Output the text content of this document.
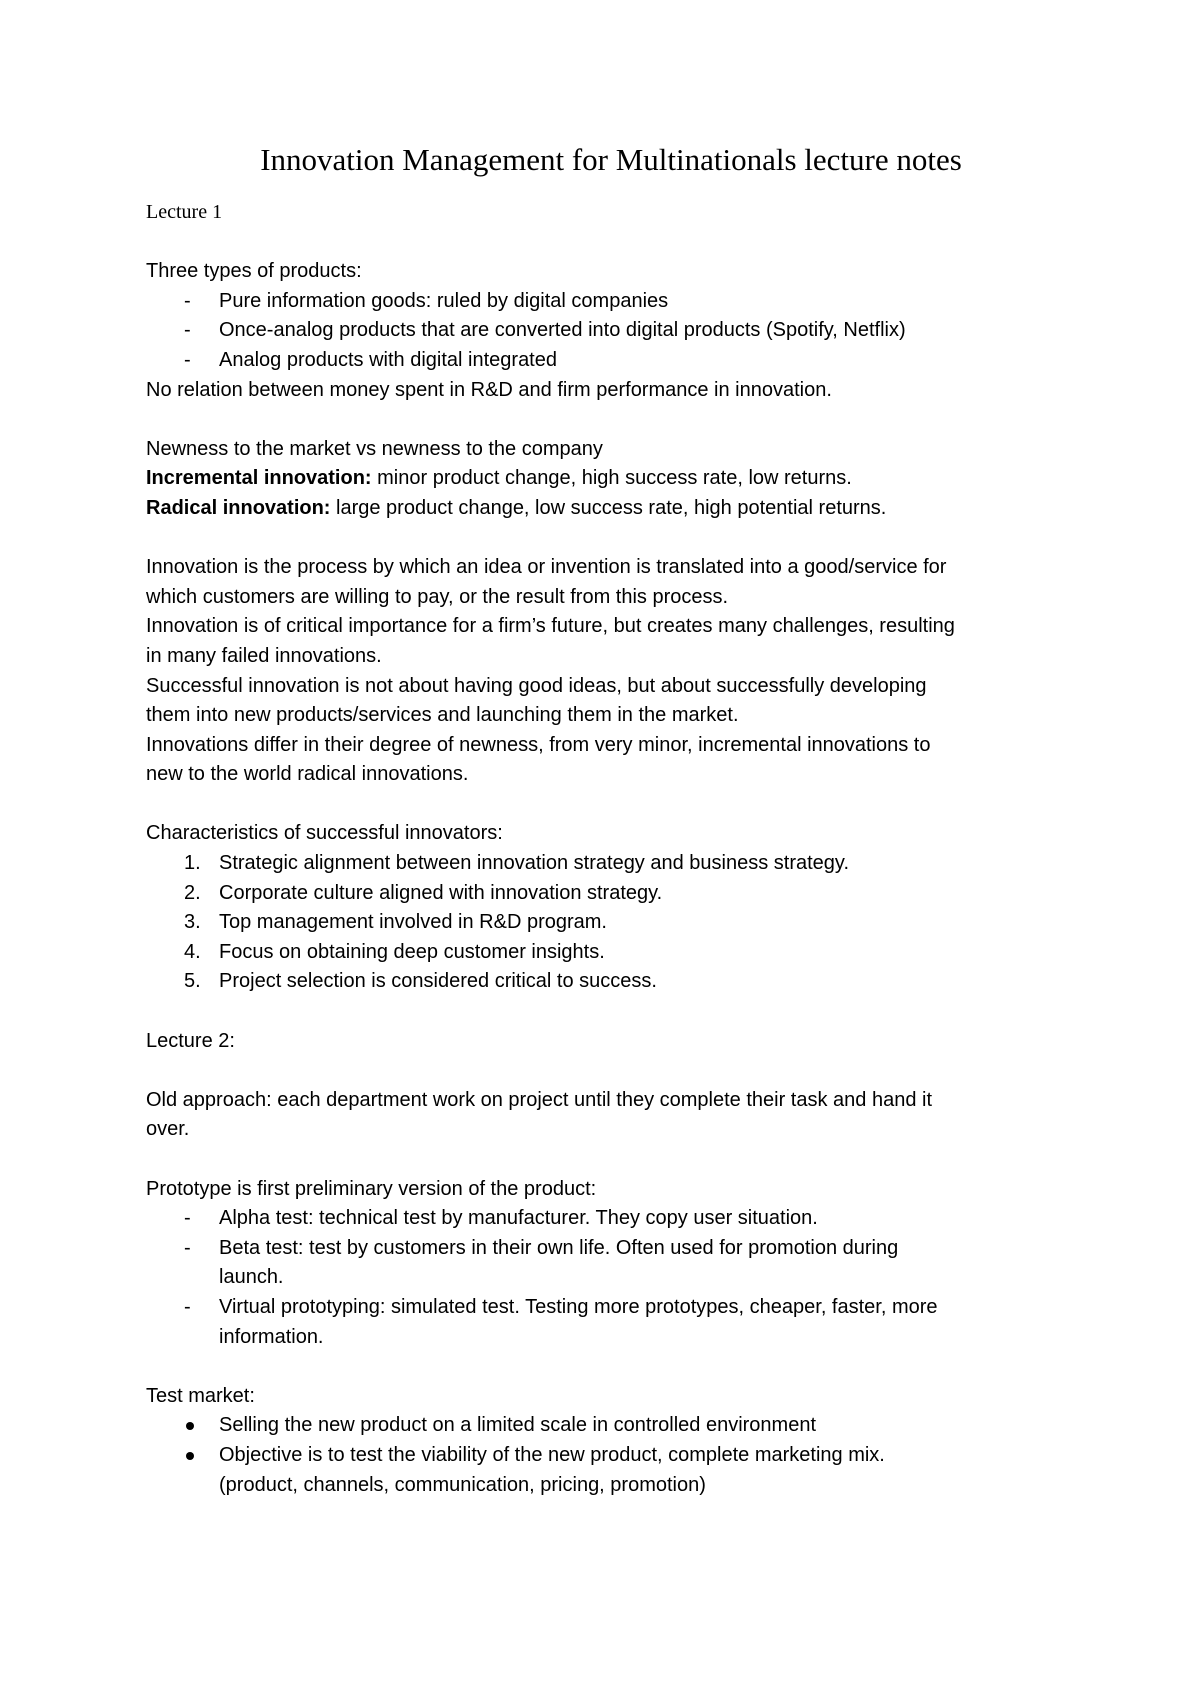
Innovation Management for Multinationals lecture notes

Lecture 1

Three types of products:

- Pure information goods: ruled by digital companies
- Once-analog products that are converted into digital products (Spotify, Netflix)
- Analog products with digital integrated

No relation between money spent in R&D and firm performance in innovation.

Newness to the market vs newness to the company

Incremental innovation: minor product change, high success rate, low returns.

Radical innovation: large product change, low success rate, high potential returns.

Innovation is the process by which an idea or invention is translated into a good/service for

which customers are willing to pay, or the result from this process.

Innovation is of critical importance for a firm’s future, but creates many challenges, resulting

in many failed innovations.

Successful innovation is not about having good ideas, but about successfully developing

them into new products/services and launching them in the market.

Innovations differ in their degree of newness, from very minor, incremental innovations to

new to the world radical innovations.

Characteristics of successful innovators:

1. Strategic alignment between innovation strategy and business strategy.
2. Corporate culture aligned with innovation strategy.
3. Top management involved in R&D program.
4. Focus on obtaining deep customer insights.
5. Project selection is considered critical to success.

Lecture 2:

Old approach: each department work on project until they complete their task and hand it

over.

Prototype is first preliminary version of the product:

- Alpha test: technical test by manufacturer. They copy user situation.
- Beta test: test by customers in their own life. Often used for promotion during
launch.
- Virtual prototyping: simulated test. Testing more prototypes, cheaper, faster, more
information.

Test market:

Selling the new product on a limited scale in controlled environment
Objective is to test the viability of the new product, complete marketing mix.
(product, channels, communication, pricing, promotion)
